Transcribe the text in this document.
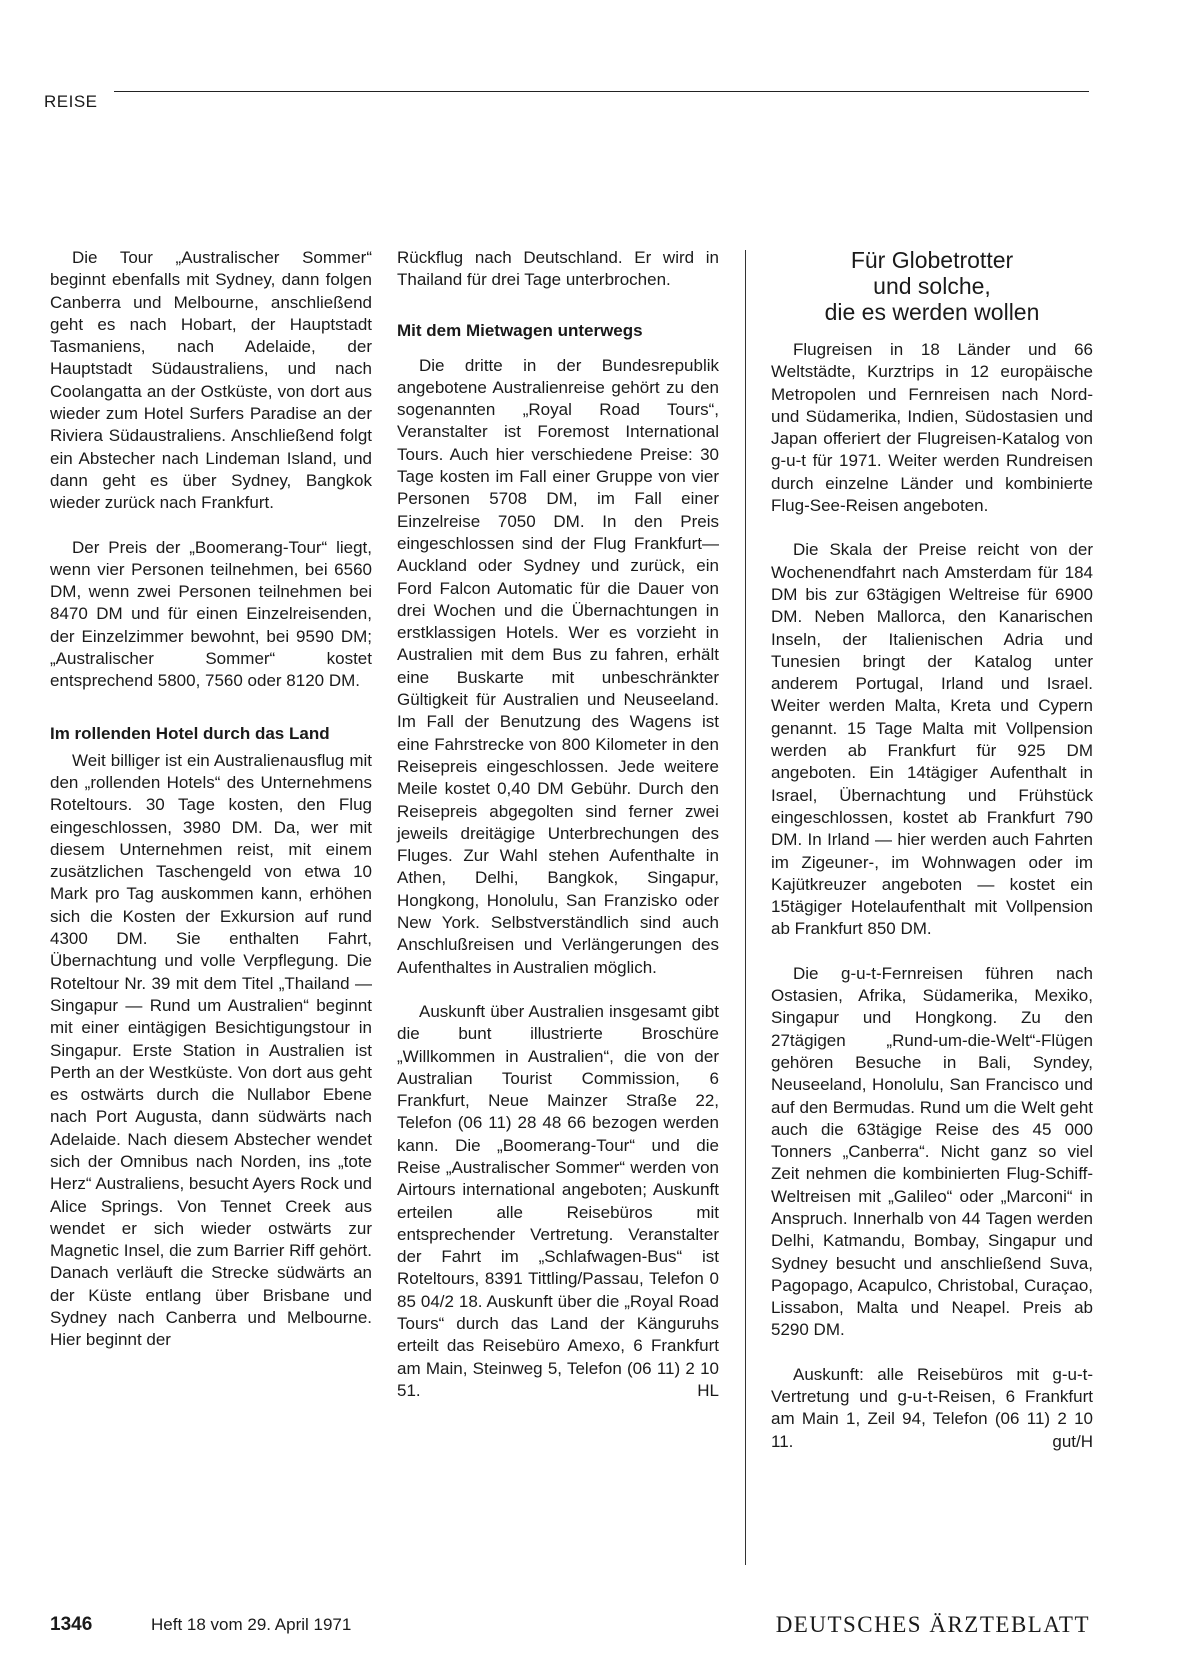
REISE

Die Tour „Australischer Sommer“ beginnt ebenfalls mit Sydney, dann folgen Canberra und Melbourne, anschließend geht es nach Hobart, der Hauptstadt Tasmaniens, nach Adelaide, der Hauptstadt Südaustraliens, und nach Coolangatta an der Ostküste, von dort aus wieder zum Hotel Surfers Paradise an der Riviera Südaustraliens. Anschließend folgt ein Abstecher nach Lindeman Island, und dann geht es über Sydney, Bangkok wieder zurück nach Frankfurt.

Der Preis der „Boomerang-Tour“ liegt, wenn vier Personen teilnehmen, bei 6560 DM, wenn zwei Personen teilnehmen bei 8470 DM und für einen Einzelreisenden, der Einzelzimmer bewohnt, bei 9590 DM; „Australischer Sommer“ kostet entsprechend 5800, 7560 oder 8120 DM.

Im rollenden Hotel durch das Land

Weit billiger ist ein Australienausflug mit den „rollenden Hotels“ des Unternehmens Roteltours. 30 Tage kosten, den Flug eingeschlossen, 3980 DM. Da, wer mit diesem Unternehmen reist, mit einem zusätzlichen Taschengeld von etwa 10 Mark pro Tag auskommen kann, erhöhen sich die Kosten der Exkursion auf rund 4300 DM. Sie enthalten Fahrt, Übernachtung und volle Verpflegung. Die Roteltour Nr. 39 mit dem Titel „Thailand — Singapur — Rund um Australien“ beginnt mit einer eintägigen Besichtigungstour in Singapur. Erste Station in Australien ist Perth an der Westküste. Von dort aus geht es ostwärts durch die Nullabor Ebene nach Port Augusta, dann südwärts nach Adelaide. Nach diesem Abstecher wendet sich der Omnibus nach Norden, ins „tote Herz“ Australiens, besucht Ayers Rock und Alice Springs. Von Tennet Creek aus wendet er sich wieder ostwärts zur Magnetic Insel, die zum Barrier Riff gehört. Danach verläuft die Strecke südwärts an der Küste entlang über Brisbane und Sydney nach Canberra und Melbourne. Hier beginnt der

Rückflug nach Deutschland. Er wird in Thailand für drei Tage unterbrochen.

Mit dem Mietwagen unterwegs

Die dritte in der Bundesrepublik angebotene Australienreise gehört zu den sogenannten „Royal Road Tours“, Veranstalter ist Foremost International Tours. Auch hier verschiedene Preise: 30 Tage kosten im Fall einer Gruppe von vier Personen 5708 DM, im Fall einer Einzelreise 7050 DM. In den Preis eingeschlossen sind der Flug Frankfurt—Auckland oder Sydney und zurück, ein Ford Falcon Automatic für die Dauer von drei Wochen und die Übernachtungen in erstklassigen Hotels. Wer es vorzieht in Australien mit dem Bus zu fahren, erhält eine Buskarte mit unbeschränkter Gültigkeit für Australien und Neuseeland. Im Fall der Benutzung des Wagens ist eine Fahrstrecke von 800 Kilometer in den Reisepreis eingeschlossen. Jede weitere Meile kostet 0,40 DM Gebühr. Durch den Reisepreis abgegolten sind ferner zwei jeweils dreitägige Unterbrechungen des Fluges. Zur Wahl stehen Aufenthalte in Athen, Delhi, Bangkok, Singapur, Hongkong, Honolulu, San Franzisko oder New York. Selbstverständlich sind auch Anschlußreisen und Verlängerungen des Aufenthaltes in Australien möglich.

Auskunft über Australien insgesamt gibt die bunt illustrierte Broschüre „Willkommen in Australien“, die von der Australian Tourist Commission, 6 Frankfurt, Neue Mainzer Straße 22, Telefon (06 11) 28 48 66 bezogen werden kann. Die „Boomerang-Tour“ und die Reise „Australischer Sommer“ werden von Airtours international angeboten; Auskunft erteilen alle Reisebüros mit entsprechender Vertretung. Veranstalter der Fahrt im „Schlafwagen-Bus“ ist Roteltours, 8391 Tittling/Passau, Telefon 0 85 04/2 18. Auskunft über die „Royal Road Tours“ durch das Land der Känguruhs erteilt das Reisebüro Amexo, 6 Frankfurt am Main, Steinweg 5, Telefon (06 11) 2 10 51.	HL

Für Globetrotter
und solche,
die es werden wollen

Flugreisen in 18 Länder und 66 Weltstädte, Kurztrips in 12 europäische Metropolen und Fernreisen nach Nord- und Südamerika, Indien, Südostasien und Japan offeriert der Flugreisen-Katalog von g-u-t für 1971. Weiter werden Rundreisen durch einzelne Länder und kombinierte Flug-See-Reisen angeboten.

Die Skala der Preise reicht von der Wochenendfahrt nach Amsterdam für 184 DM bis zur 63tägigen Weltreise für 6900 DM. Neben Mallorca, den Kanarischen Inseln, der Italienischen Adria und Tunesien bringt der Katalog unter anderem Portugal, Irland und Israel. Weiter werden Malta, Kreta und Cypern genannt. 15 Tage Malta mit Vollpension werden ab Frankfurt für 925 DM angeboten. Ein 14tägiger Aufenthalt in Israel, Übernachtung und Frühstück eingeschlossen, kostet ab Frankfurt 790 DM. In Irland — hier werden auch Fahrten im Zigeuner-, im Wohnwagen oder im Kajütkreuzer angeboten — kostet ein 15tägiger Hotelaufenthalt mit Vollpension ab Frankfurt 850 DM.

Die g-u-t-Fernreisen führen nach Ostasien, Afrika, Südamerika, Mexiko, Singapur und Hongkong. Zu den 27tägigen „Rund-um-die-Welt“-Flügen gehören Besuche in Bali, Syndey, Neuseeland, Honolulu, San Francisco und auf den Bermudas. Rund um die Welt geht auch die 63tägige Reise des 45 000 Tonners „Canberra“. Nicht ganz so viel Zeit nehmen die kombinierten Flug-Schiff-Weltreisen mit „Galileo“ oder „Marconi“ in Anspruch. Innerhalb von 44 Tagen werden Delhi, Katmandu, Bombay, Singapur und Sydney besucht und anschließend Suva, Pagopago, Acapulco, Christobal, Curaçao, Lissabon, Malta und Neapel. Preis ab 5290 DM.

Auskunft: alle Reisebüros mit g-u-t-Vertretung und g-u-t-Reisen, 6 Frankfurt am Main 1, Zeil 94, Telefon (06 11) 2 10 11.	gut/H

1346	Heft 18 vom 29. April 1971	DEUTSCHES ÄRZTEBLATT
